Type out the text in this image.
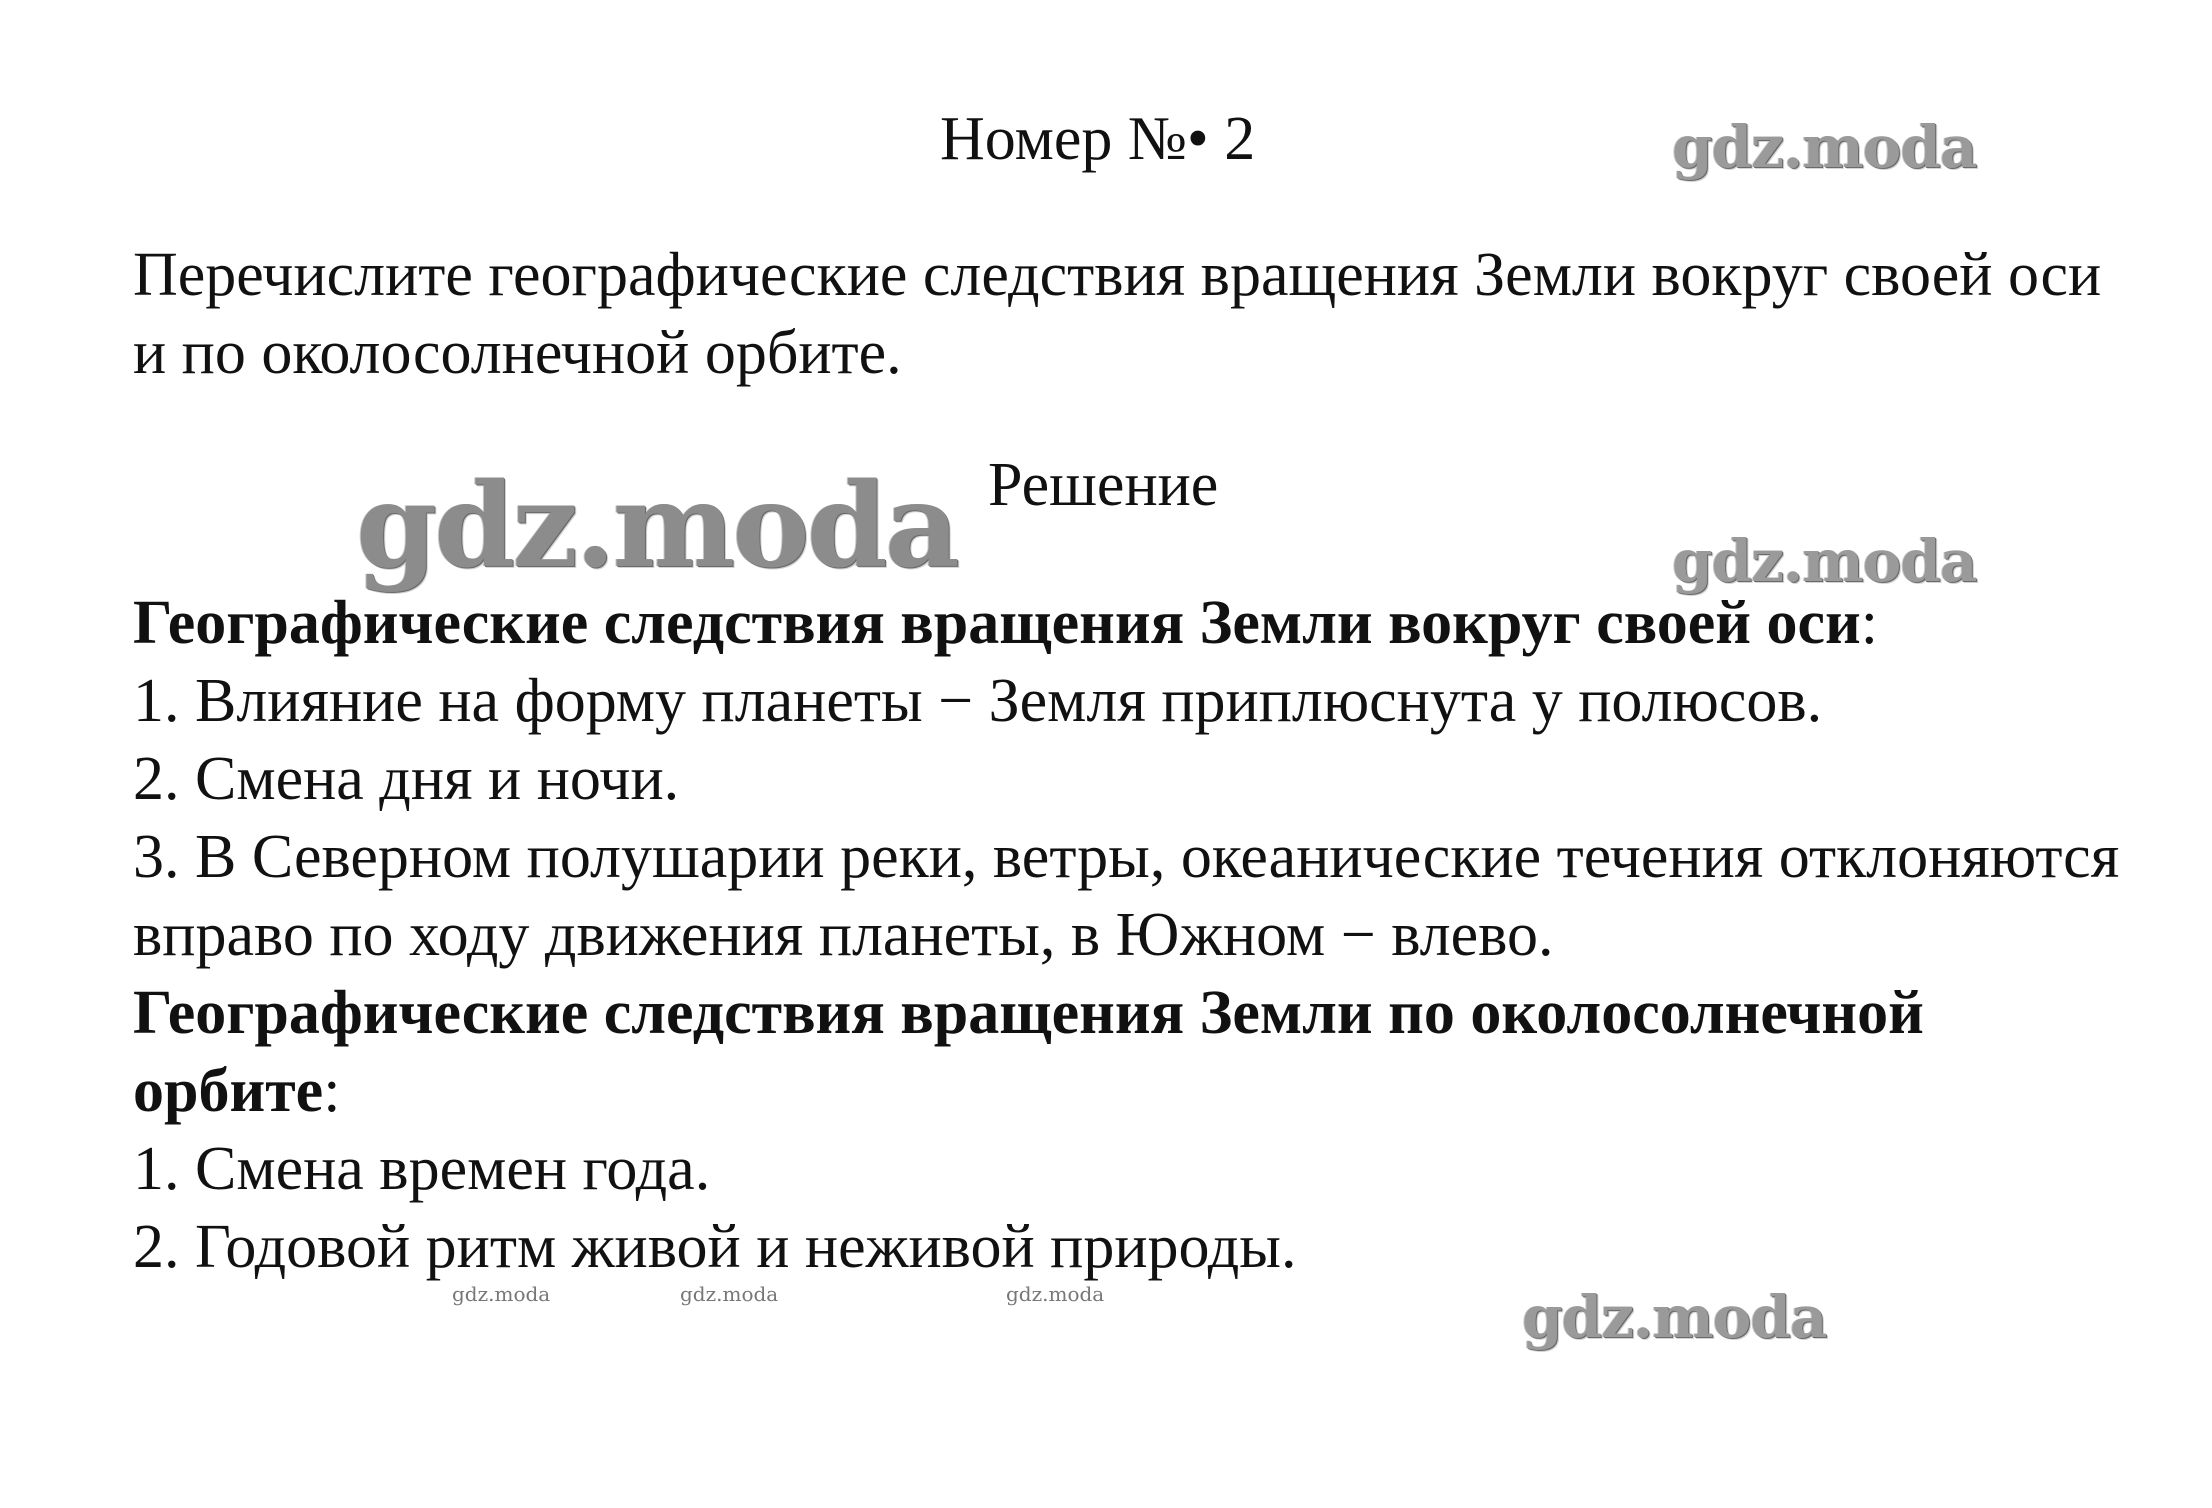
Номер №• 2	gdz.moda
Перечислите географические следствия вращения Земли вокруг своей оси и по околосолнечной орбите.
gdz.moda Решение
gdz.moda

Географические следствия вращения Земли вокруг своей оси:

1. Влияние на форму планеты − Земля приплюснута у полюсов.

2. Смена дня и ночи.

3. В Северном полушарии реки, ветры, океанические течения отклоняются вправо по ходу движения планеты, в Южном − влево.

Географические следствия вращения Земли по околосолнечной орбите:

1. Смена времен года.

2. Годовой ритм живой и неживой природы.

gdz.moda	gdz.moda	gdz.moda	gdz.moda
